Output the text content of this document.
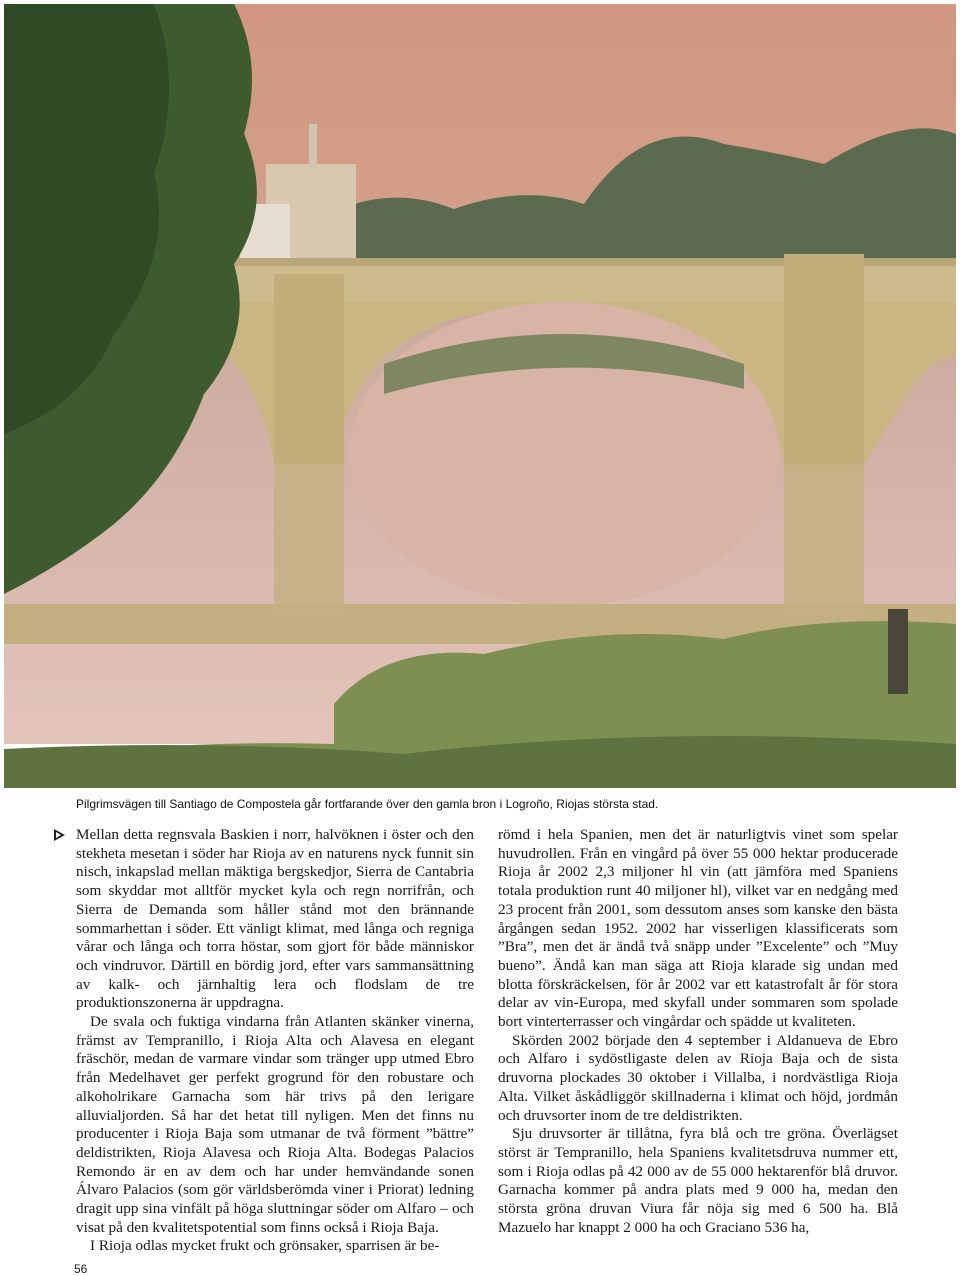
Pilgrimsvägen till Santiago de Compostela går fortfarande över den gamla bron i Logroño, Riojas största stad.

Mellan detta regnsvala Baskien i norr, halvöknen i öster och den stekheta mesetan i söder har Rioja av en naturens nyck funnit sin nisch, inkapslad mellan mäktiga bergskedjor, Sierra de Cantabria som skyddar mot alltför mycket kyla och regn norrifrån, och Sierra de Demanda som håller stånd mot den brännande sommarhettan i söder. Ett vänligt klimat, med långa och regniga vårar och långa och torra höstar, som gjort för både människor och vindruvor. Därtill en bördig jord, efter vars sammansättning av kalk- och järnhaltig lera och flodslam de tre produktionszonerna är uppdragna.

De svala och fuktiga vindarna från Atlanten skänker vinerna, främst av Tempranillo, i Rioja Alta och Alavesa en elegant fräschör, medan de varmare vindar som tränger upp utmed Ebro från Medelhavet ger perfekt grogrund för den robustare och alkoholrikare Garnacha som här trivs på den lerigare alluvialjorden. Så har det hetat till nyligen. Men det finns nu producenter i Rioja Baja som utmanar de två förment ”bättre” deldistrikten, Rioja Alavesa och Rioja Alta. Bodegas Palacios Remondo är en av dem och har under hemvändande sonen Álvaro Palacios (som gör världsberömda viner i Priorat) ledning dragit upp sina vinfält på höga sluttningar söder om Alfaro – och visat på den kvalitetspotential som finns också i Rioja Baja.

I Rioja odlas mycket frukt och grönsaker, sparrisen är be-

römd i hela Spanien, men det är naturligtvis vinet som spelar huvudrollen. Från en vingård på över 55 000 hektar producerade Rioja år 2002 2,3 miljoner hl vin (att jämföra med Spaniens totala produktion runt 40 miljoner hl), vilket var en nedgång med 23 procent från 2001, som dessutom anses som kanske den bästa årgången sedan 1952. 2002 har visserligen klassificerats som ”Bra”, men det är ändå två snäpp under ”Excelente” och ”Muy bueno”. Ändå kan man säga att Rioja klarade sig undan med blotta förskräckelsen, för år 2002 var ett katastrofalt år för stora delar av vin-Europa, med skyfall under sommaren som spolade bort vinterterrasser och vingårdar och spädde ut kvaliteten.

Skörden 2002 började den 4 september i Aldanueva de Ebro och Alfaro i sydöstligaste delen av Rioja Baja och de sista druvorna plockades 30 oktober i Villalba, i nordvästliga Rioja Alta. Vilket åskådliggör skillnaderna i klimat och höjd, jordmån och druvsorter inom de tre deldistrikten.

Sju druvsorter är tillåtna, fyra blå och tre gröna. Överlägset störst är Tempranillo, hela Spaniens kvalitetsdruva nummer ett, som i Rioja odlas på 42 000 av de 55 000 hektarenför blå druvor. Garnacha kommer på andra plats med 9 000 ha, medan den största gröna druvan Viura får nöja sig med 6 500 ha. Blå Mazuelo har knappt 2 000 ha och Graciano 536 ha,

56
